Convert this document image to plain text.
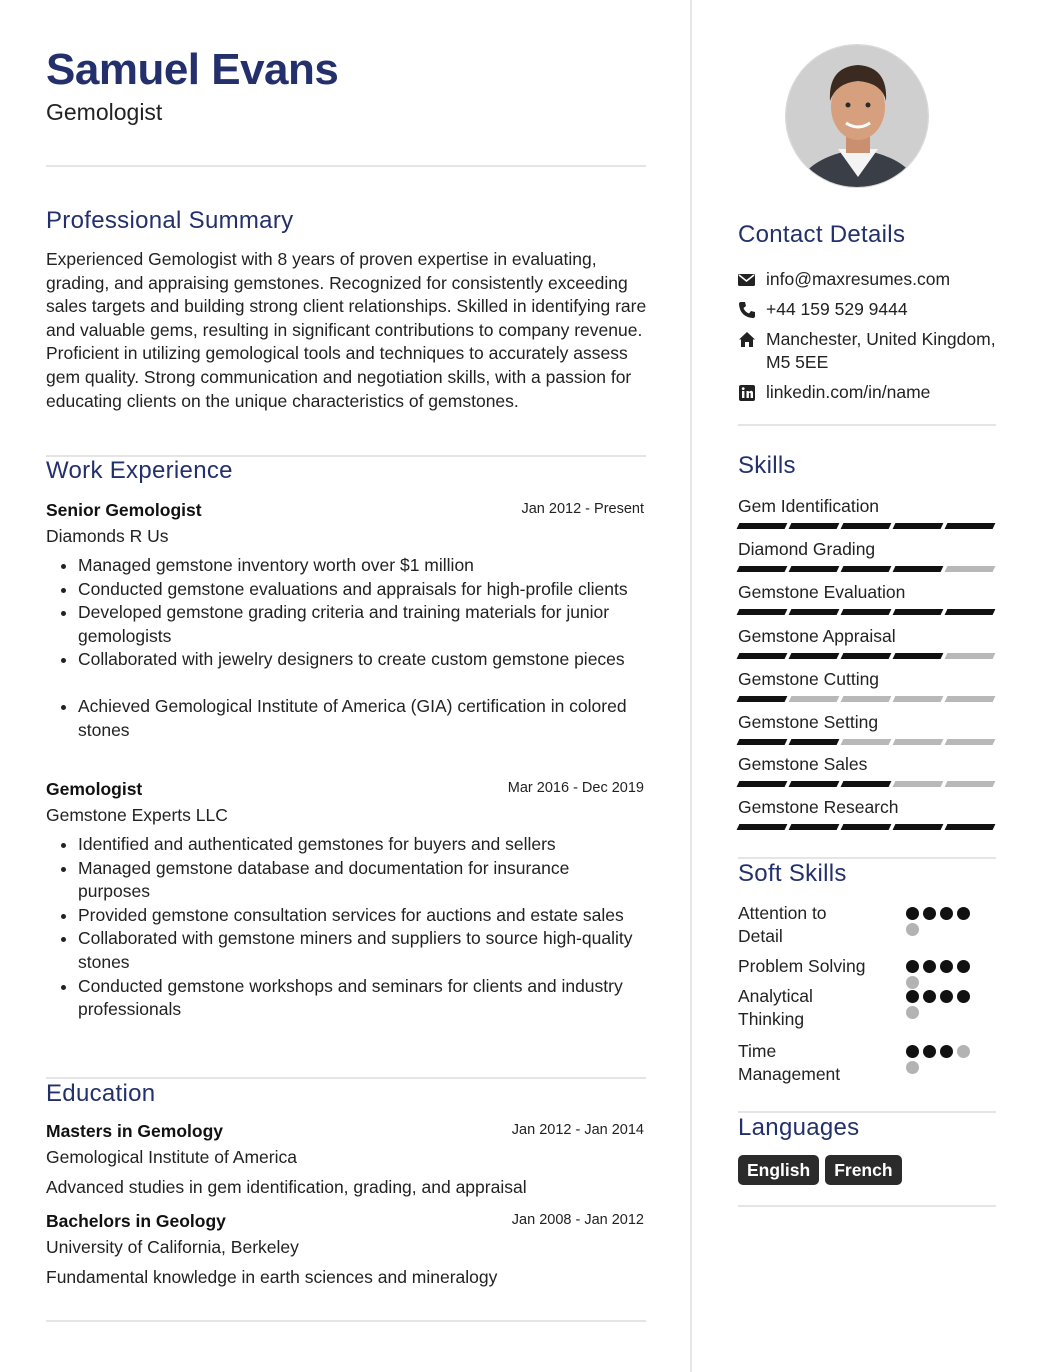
Samuel Evans
Gemologist
Professional Summary
Experienced Gemologist with 8 years of proven expertise in evaluating, grading, and appraising gemstones. Recognized for consistently exceeding sales targets and building strong client relationships. Skilled in identifying rare and valuable gems, resulting in significant contributions to company revenue. Proficient in utilizing gemological tools and techniques to accurately assess gem quality. Strong communication and negotiation skills, with a passion for educating clients on the unique characteristics of gemstones.
Work Experience
Senior Gemologist	Jan 2012 - Present
Diamonds R Us
• Managed gemstone inventory worth over $1 million
• Conducted gemstone evaluations and appraisals for high-profile clients
• Developed gemstone grading criteria and training materials for junior gemologists
• Collaborated with jewelry designers to create custom gemstone pieces
• Achieved Gemological Institute of America (GIA) certification in colored stones
Gemologist	Mar 2016 - Dec 2019
Gemstone Experts LLC
• Identified and authenticated gemstones for buyers and sellers
• Managed gemstone database and documentation for insurance purposes
• Provided gemstone consultation services for auctions and estate sales
• Collaborated with gemstone miners and suppliers to source high-quality stones
• Conducted gemstone workshops and seminars for clients and industry professionals
Education
Masters in Gemology	Jan 2012 - Jan 2014
Gemological Institute of America
Advanced studies in gem identification, grading, and appraisal
Bachelors in Geology	Jan 2008 - Jan 2012
University of California, Berkeley
Fundamental knowledge in earth sciences and mineralogy
Contact Details
info@maxresumes.com
+44 159 529 9444
Manchester, United Kingdom, M5 5EE
linkedin.com/in/name
Skills
Gem Identification
Diamond Grading
Gemstone Evaluation
Gemstone Appraisal
Gemstone Cutting
Gemstone Setting
Gemstone Sales
Gemstone Research
Soft Skills
Attention to Detail
Problem Solving
Analytical Thinking
Time Management
Languages
English	French
